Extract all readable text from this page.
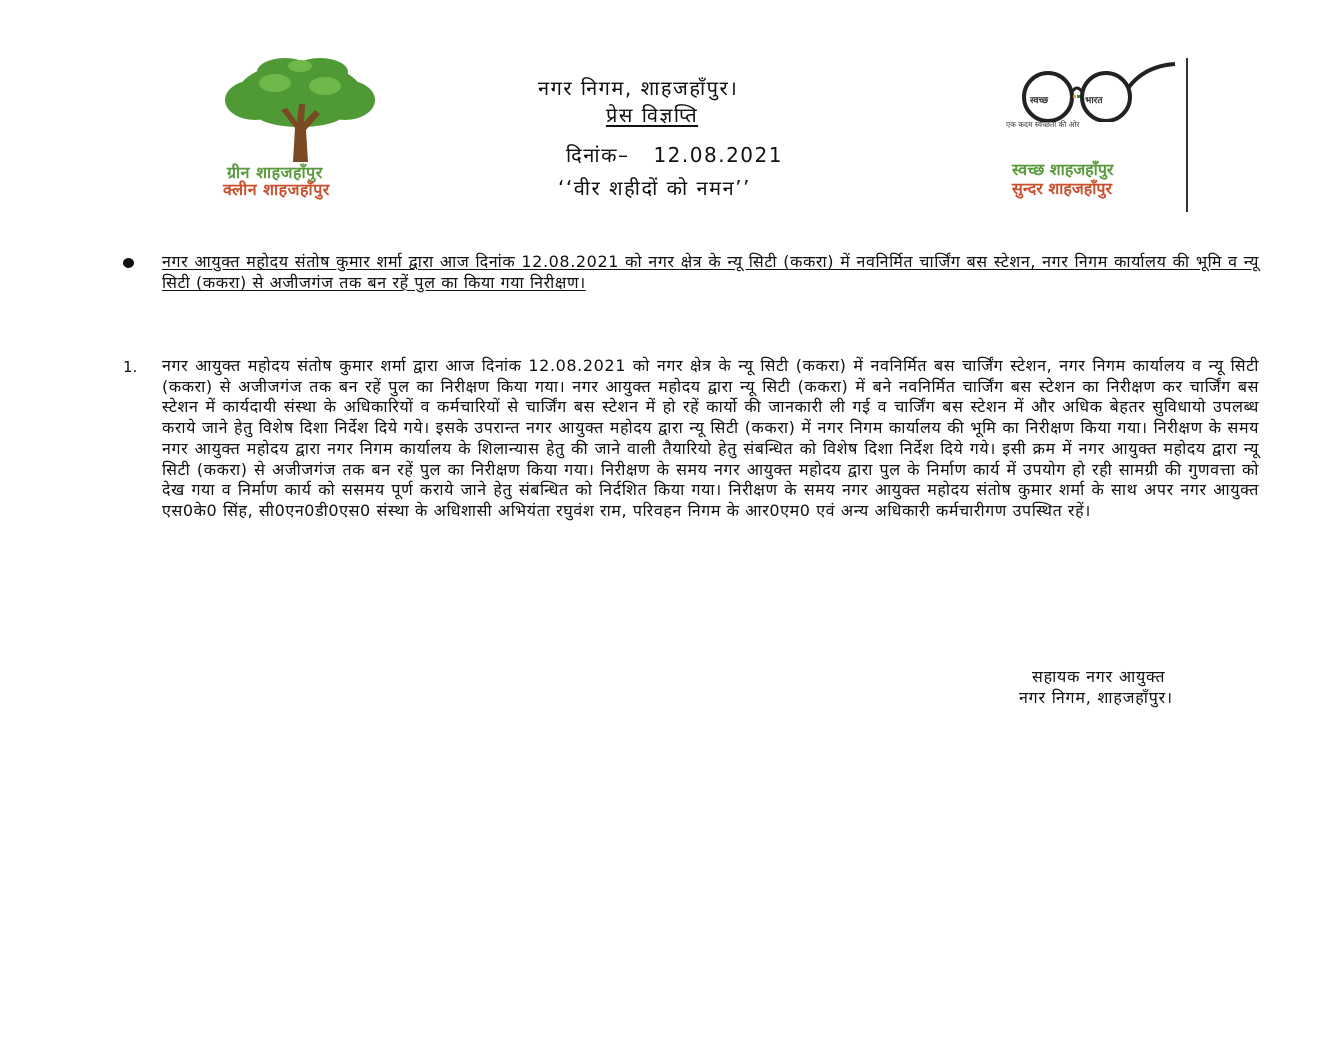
ग्रीन शाहजहाँपुर
क्लीन शाहजहाँपुर
नगर निगम, शाहजहाँपुर।
प्रेस विज्ञप्ति
दिनांक– 12.08.2021
‘‘वीर शहीदों को नमन’’
स्वच्छ	भारत
एक कदम स्वच्छता की ओर
स्वच्छ शाहजहाँपुर
सुन्दर शाहजहाँपुर
नगर आयुक्त महोदय संतोष कुमार शर्मा द्वारा आज दिनांक 12.08.2021 को नगर क्षेत्र के न्यू सिटी (ककरा) में नवनिर्मित चार्जिंग बस स्टेशन, नगर निगम कार्यालय की भूमि व न्यू सिटी (ककरा) से अजीजगंज तक बन रहें पुल का किया गया निरीक्षण।
1. नगर आयुक्त महोदय संतोष कुमार शर्मा द्वारा आज दिनांक 12.08.2021 को नगर क्षेत्र के न्यू सिटी (ककरा) में नवनिर्मित बस चार्जिंग स्टेशन, नगर निगम कार्यालय व न्यू सिटी (ककरा) से अजीजगंज तक बन रहें पुल का निरीक्षण किया गया। नगर आयुक्त महोदय द्वारा न्यू सिटी (ककरा) में बने नवनिर्मित चार्जिंग बस स्टेशन का निरीक्षण कर चार्जिंग बस स्टेशन में कार्यदायी संस्था के अधिकारियों व कर्मचारियों से चार्जिंग बस स्टेशन में हो रहें कार्यो की जानकारी ली गई व चार्जिंग बस स्टेशन में और अधिक बेहतर सुविधायो उपलब्ध कराये जाने हेतु विशेष दिशा निर्देश दिये गये। इसके उपरान्त नगर आयुक्त महोदय द्वारा न्यू सिटी (ककरा) में नगर निगम कार्यालय की भूमि का निरीक्षण किया गया। निरीक्षण के समय नगर आयुक्त महोदय द्वारा नगर निगम कार्यालय के शिलान्यास हेतु की जाने वाली तैयारियो हेतु संबन्धित को विशेष दिशा निर्देश दिये गये। इसी क्रम में नगर आयुक्त महोदय द्वारा न्यू सिटी (ककरा) से अजीजगंज तक बन रहें पुल का निरीक्षण किया गया। निरीक्षण के समय नगर आयुक्त महोदय द्वारा पुल के निर्माण कार्य में उपयोग हो रही सामग्री की गुणवत्ता को देख गया व निर्माण कार्य को ससमय पूर्ण कराये जाने हेतु संबन्धित को निर्दशित किया गया। निरीक्षण के समय नगर आयुक्त महोदय संतोष कुमार शर्मा के साथ अपर नगर आयुक्त एस0के0 सिंह, सी0एन0डी0एस0 संस्था के अधिशासी अभियंता रघुवंश राम, परिवहन निगम के आर0एम0 एवं अन्य अधिकारी कर्मचारीगण उपस्थित रहें।
सहायक नगर आयुक्त
नगर निगम, शाहजहाँपुर।
